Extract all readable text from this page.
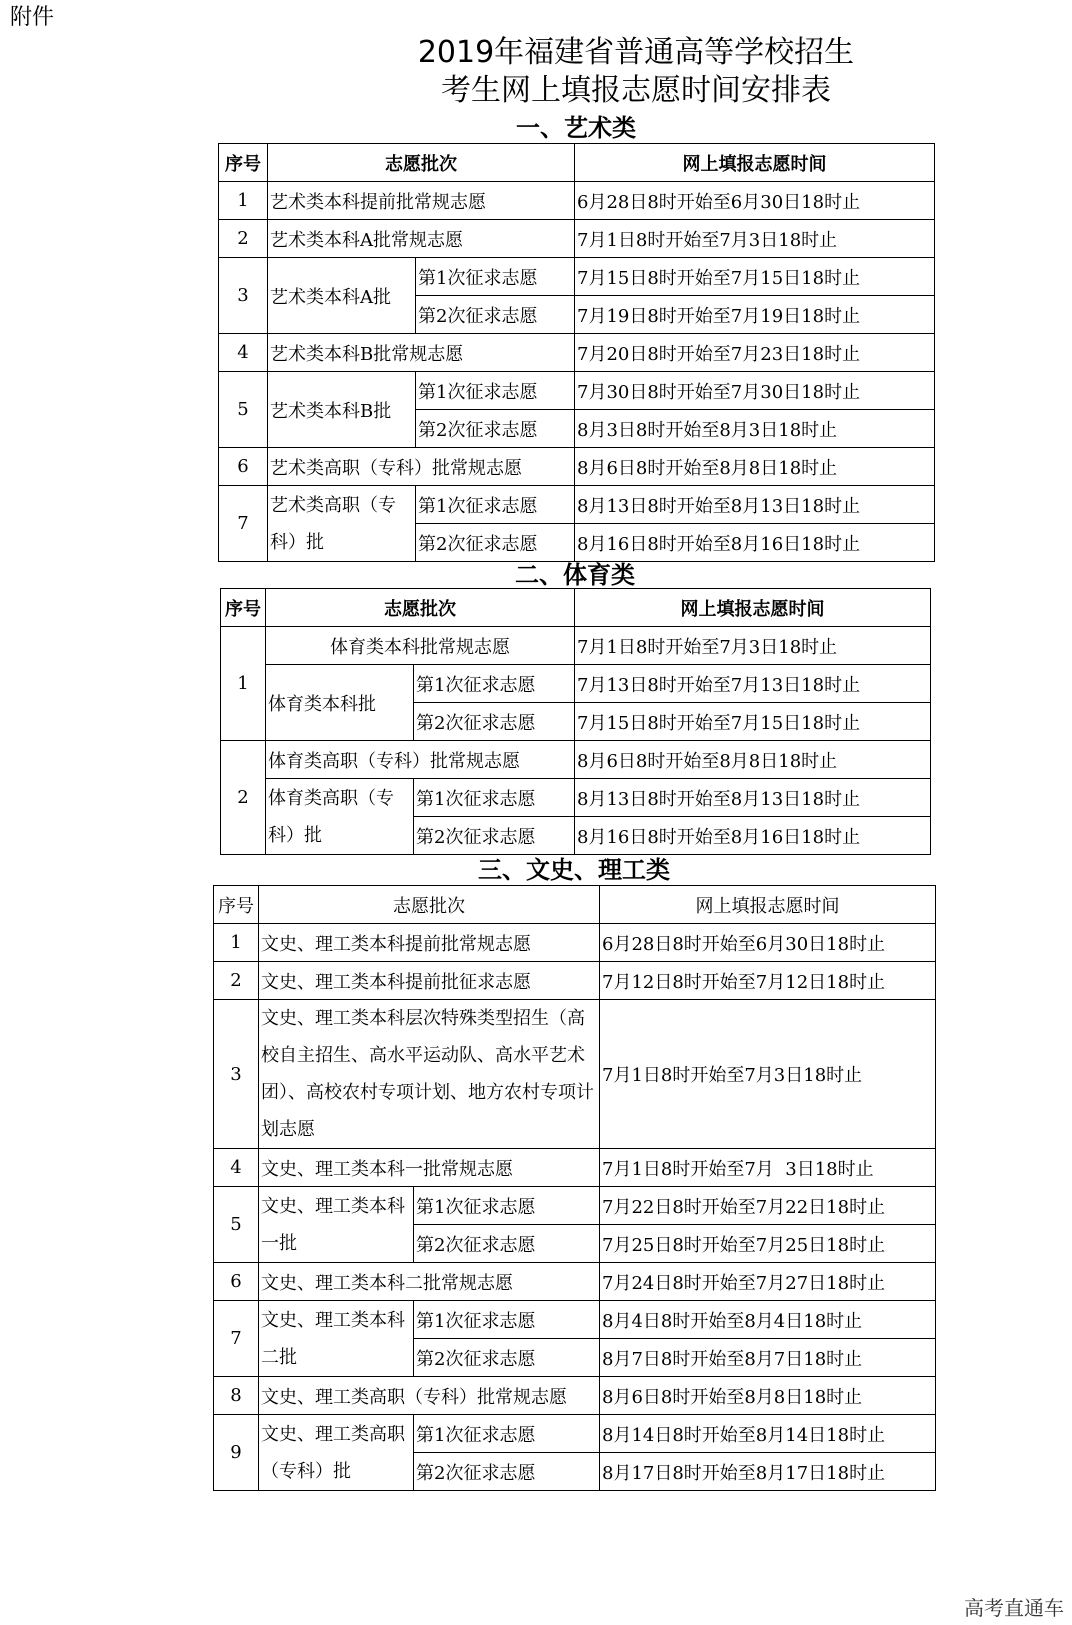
附件
2019年福建省普通高等学校招生
考生网上填报志愿时间安排表
一、艺术类
序号	志愿批次		网上填报志愿时间
1	艺术类本科提前批常规志愿		6月28日8时开始至6月30日18时止
2	艺术类本科A批常规志愿		7月1日8时开始至7月3日18时止
3	艺术类本科A批	第1次征求志愿	7月15日8时开始至7月15日18时止
		第2次征求志愿	7月19日8时开始至7月19日18时止
4	艺术类本科B批常规志愿		7月20日8时开始至7月23日18时止
5	艺术类本科B批	第1次征求志愿	7月30日8时开始至7月30日18时止
		第2次征求志愿	8月3日8时开始至8月3日18时止
6	艺术类高职（专科）批常规志愿		8月6日8时开始至8月8日18时止
7	艺术类高职（专科）批	第1次征求志愿	8月13日8时开始至8月13日18时止
		第2次征求志愿	8月16日8时开始至8月16日18时止
二、体育类
序号	志愿批次		网上填报志愿时间
1	体育类本科批常规志愿		7月1日8时开始至7月3日18时止
	体育类本科批	第1次征求志愿	7月13日8时开始至7月13日18时止
		第2次征求志愿	7月15日8时开始至7月15日18时止
2	体育类高职（专科）批常规志愿		8月6日8时开始至8月8日18时止
	体育类高职（专科）批	第1次征求志愿	8月13日8时开始至8月13日18时止
		第2次征求志愿	8月16日8时开始至8月16日18时止
三、文史、理工类
序号	志愿批次		网上填报志愿时间
1	文史、理工类本科提前批常规志愿		6月28日8时开始至6月30日18时止
2	文史、理工类本科提前批征求志愿		7月12日8时开始至7月12日18时止
3	文史、理工类本科层次特殊类型招生（高校自主招生、高水平运动队、高水平艺术团）、高校农村专项计划、地方农村专项计划志愿		7月1日8时开始至7月3日18时止
4	文史、理工类本科一批常规志愿		7月1日8时开始至7月  3日18时止
5	文史、理工类本科一批	第1次征求志愿	7月22日8时开始至7月22日18时止
		第2次征求志愿	7月25日8时开始至7月25日18时止
6	文史、理工类本科二批常规志愿		7月24日8时开始至7月27日18时止
7	文史、理工类本科二批	第1次征求志愿	8月4日8时开始至8月4日18时止
		第2次征求志愿	8月7日8时开始至8月7日18时止
8	文史、理工类高职（专科）批常规志愿		8月6日8时开始至8月8日18时止
9	文史、理工类高职（专科）批	第1次征求志愿	8月14日8时开始至8月14日18时止
		第2次征求志愿	8月17日8时开始至8月17日18时止
高考直通车
